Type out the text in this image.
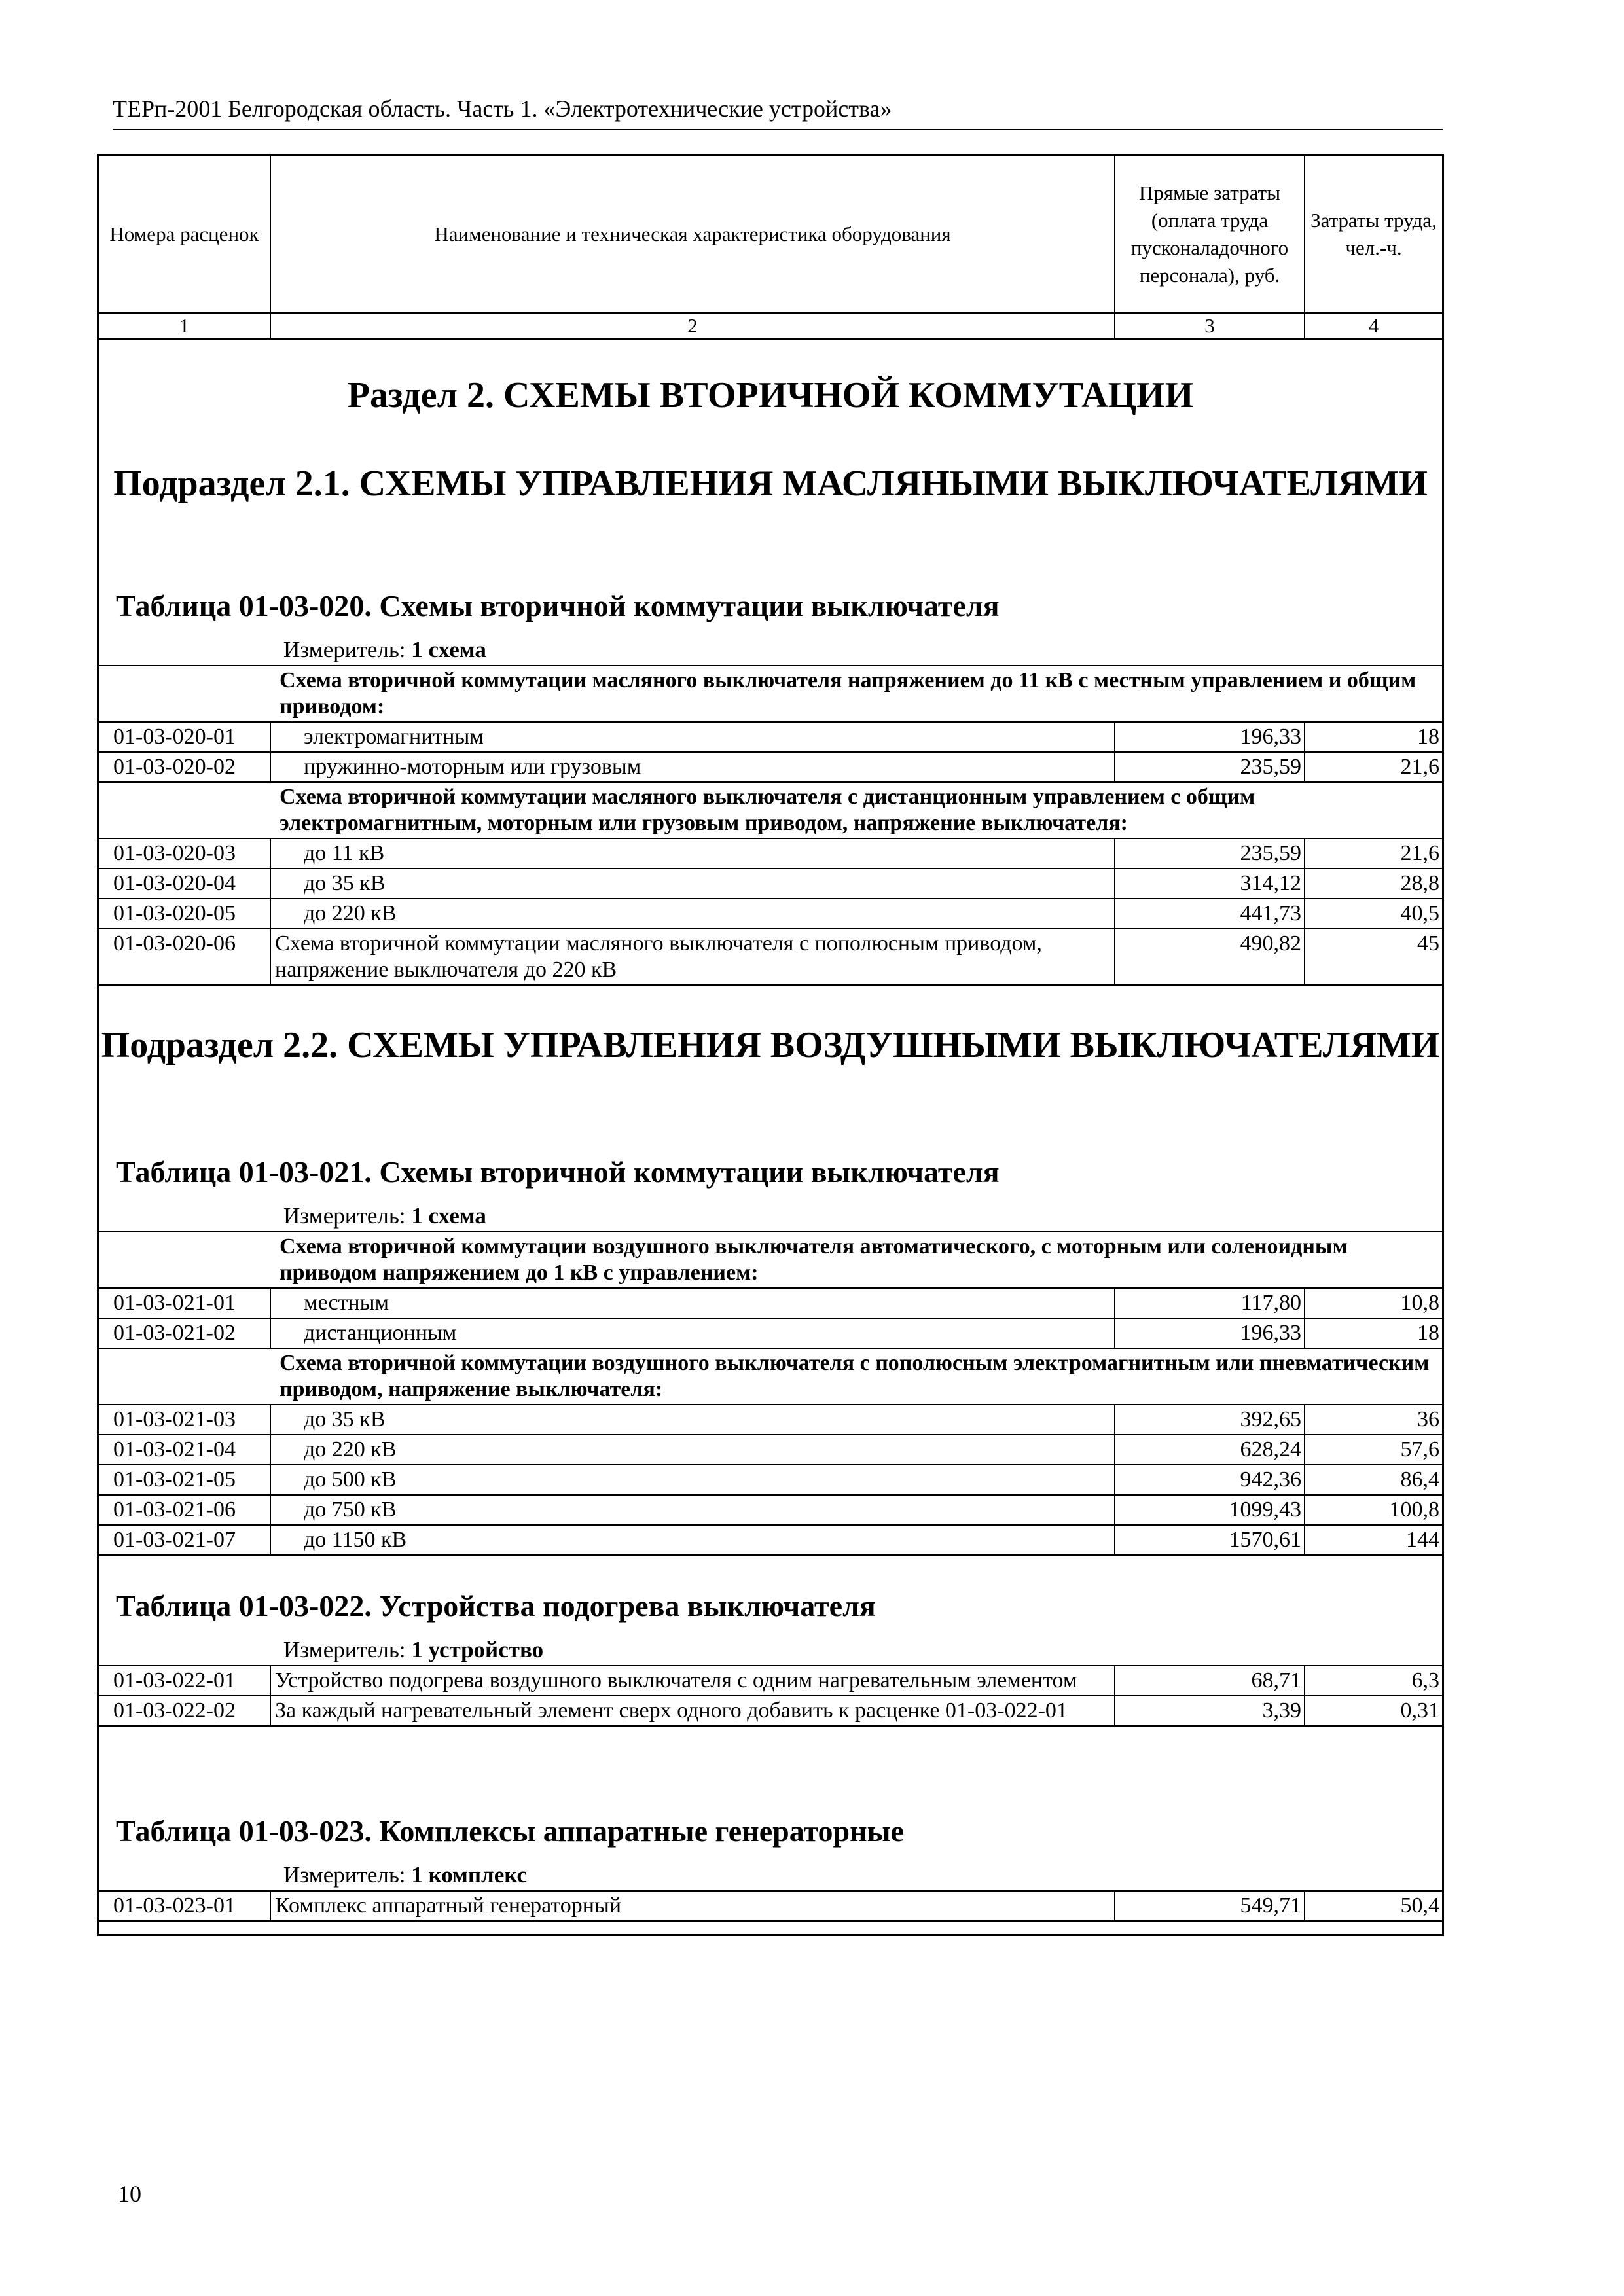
ТЕРп-2001 Белгородская область. Часть 1. «Электротехнические устройства»
Номера расценок	Наименование и техническая характеристика оборудования	Прямые затраты (оплата труда пусконаладочного персонала), руб.	Затраты труда, чел.-ч.
1	2	3	4
Раздел 2. СХЕМЫ ВТОРИЧНОЙ КОММУТАЦИИ
Подраздел 2.1. СХЕМЫ УПРАВЛЕНИЯ МАСЛЯНЫМИ ВЫКЛЮЧАТЕЛЯМИ
Таблица 01-03-020. Схемы вторичной коммутации выключателя
Измеритель: 1 схема
Схема вторичной коммутации масляного выключателя напряжением до 11 кВ с местным управлением и общим приводом:			
01-03-020-01	электромагнитным	196,33	18
01-03-020-02	пружинно-моторным или грузовым	235,59	21,6
Схема вторичной коммутации масляного выключателя с дистанционным управлением с общим электромагнитным, моторным или грузовым приводом, напряжение выключателя:			
01-03-020-03	до 11 кВ	235,59	21,6
01-03-020-04	до 35 кВ	314,12	28,8
01-03-020-05	до 220 кВ	441,73	40,5
01-03-020-06	Схема вторичной коммутации масляного выключателя с пополюсным приводом, напряжение выключателя до 220 кВ	490,82	45
Подраздел 2.2. СХЕМЫ УПРАВЛЕНИЯ ВОЗДУШНЫМИ ВЫКЛЮЧАТЕЛЯМИ
Таблица 01-03-021. Схемы вторичной коммутации выключателя
Измеритель: 1 схема
Схема вторичной коммутации воздушного выключателя автоматического, с моторным или соленоидным приводом напряжением до 1 кВ с управлением:			
01-03-021-01	местным	117,80	10,8
01-03-021-02	дистанционным	196,33	18
Схема вторичной коммутации воздушного выключателя с пополюсным электромагнитным или пневматическим приводом, напряжение выключателя:			
01-03-021-03	до 35 кВ	392,65	36
01-03-021-04	до 220 кВ	628,24	57,6
01-03-021-05	до 500 кВ	942,36	86,4
01-03-021-06	до 750 кВ	1099,43	100,8
01-03-021-07	до 1150 кВ	1570,61	144
Таблица 01-03-022. Устройства подогрева выключателя
Измеритель: 1 устройство
01-03-022-01	Устройство подогрева воздушного выключателя с одним нагревательным элементом	68,71	6,3
01-03-022-02	За каждый нагревательный элемент сверх одного добавить к расценке 01-03-022-01	3,39	0,31
Таблица 01-03-023. Комплексы аппаратные генераторные
Измеритель: 1 комплекс
01-03-023-01	Комплекс аппаратный генераторный	549,71	50,4
10
